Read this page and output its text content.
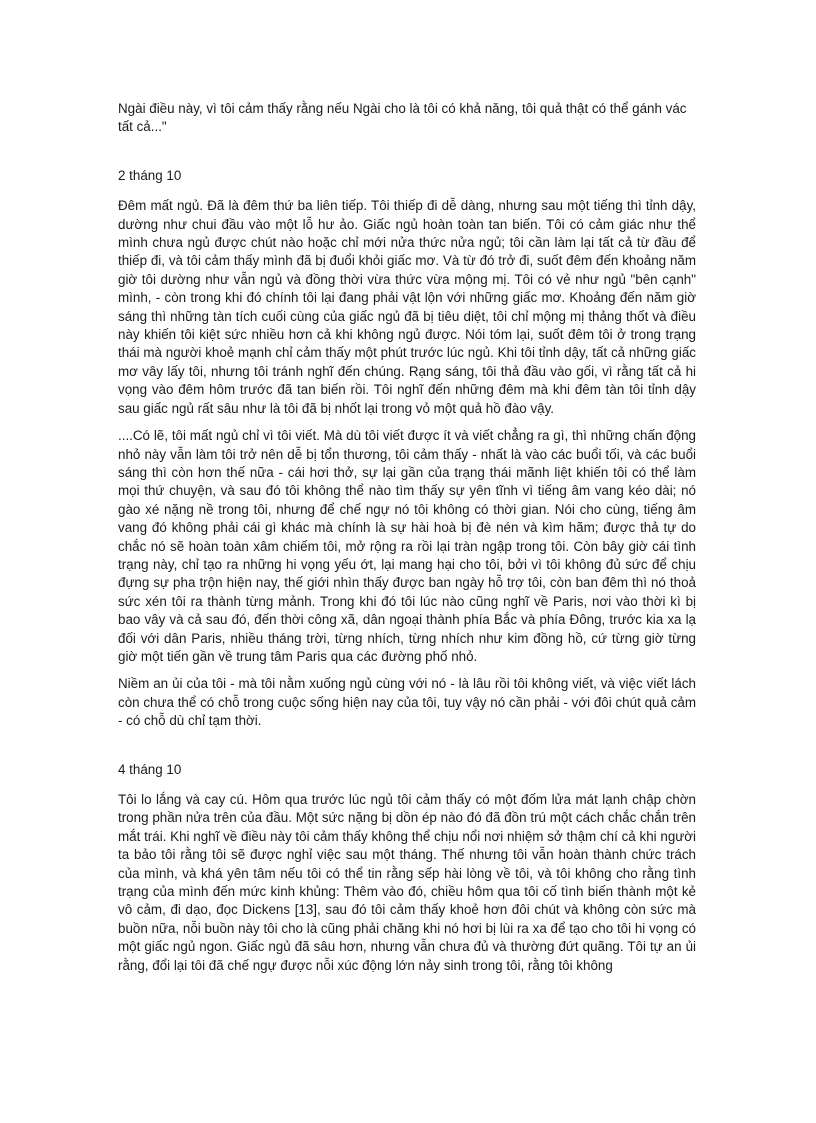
Ngài điều này, vì tôi cảm thấy rằng nếu Ngài cho là tôi có khả năng, tôi quả thật có thể gánh vác tất cả..."

2 tháng 10

Đêm mất ngủ. Đã là đêm thứ ba liên tiếp. Tôi thiếp đi dễ dàng, nhưng sau một tiếng thì tỉnh dậy, dường như chui đầu vào một lỗ hư ảo. Giấc ngủ hoàn toàn tan biến. Tôi có cảm giác như thể mình chưa ngủ được chút nào hoặc chỉ mới nửa thức nửa ngủ; tôi cần làm lại tất cả từ đầu để thiếp đi, và tôi cảm thấy mình đã bị đuổi khỏi giấc mơ. Và từ đó trở đi, suốt đêm đến khoảng năm giờ tôi dường như vẫn ngủ và đồng thời vừa thức vừa mộng mị. Tôi có vẻ như ngủ "bên cạnh" mình, - còn trong khi đó chính tôi lại đang phải vật lộn với những giấc mơ. Khoảng đến năm giờ sáng thì những tàn tích cuối cùng của giấc ngủ đã bị tiêu diệt, tôi chỉ mộng mị thảng thốt và điều này khiến tôi kiệt sức nhiều hơn cả khi không ngủ được. Nói tóm lại, suốt đêm tôi ở trong trạng thái mà người khoẻ mạnh chỉ cảm thấy một phút trước lúc ngủ. Khi tôi tỉnh dậy, tất cả những giấc mơ vây lấy tôi, nhưng tôi tránh nghĩ đến chúng. Rạng sáng, tôi thả đầu vào gối, vì rằng tất cả hi vọng vào đêm hôm trước đã tan biến rồi. Tôi nghĩ đến những đêm mà khi đêm tàn tôi tỉnh dậy sau giấc ngủ rất sâu như là tôi đã bị nhốt lại trong vỏ một quả hồ đào vậy.

....Có lẽ, tôi mất ngủ chỉ vì tôi viết. Mà dù tôi viết được ít và viết chẳng ra gì, thì những chấn động nhỏ này vẫn làm tôi trở nên dễ bị tổn thương, tôi cảm thấy - nhất là vào các buổi tối, và các buổi sáng thì còn hơn thế nữa - cái hơi thở, sự lại gần của trạng thái mãnh liệt khiến tôi có thể làm mọi thứ chuyện, và sau đó tôi không thể nào tìm thấy sự yên tĩnh vì tiếng âm vang kéo dài; nó gào xé nặng nề trong tôi, nhưng để chế ngự nó tôi không có thời gian. Nói cho cùng, tiếng âm vang đó không phải cái gì khác mà chính là sự hài hoà bị đè nén và kìm hãm; được thả tự do chắc nó sẽ hoàn toàn xâm chiếm tôi, mở rộng ra rồi lại tràn ngập trong tôi. Còn bây giờ cái tình trạng này, chỉ tạo ra những hi vọng yếu ớt, lại mang hại cho tôi, bởi vì tôi không đủ sức để chịu đựng sự pha trộn hiện nay, thế giới nhìn thấy được ban ngày hỗ trợ tôi, còn ban đêm thì nó thoả sức xén tôi ra thành từng mảnh. Trong khi đó tôi lúc nào cũng nghĩ về Paris, nơi vào thời kì bị bao vây và cả sau đó, đến thời công xã, dân ngoại thành phía Bắc và phía Đông, trước kia xa lạ đối với dân Paris, nhiều tháng trời, từng nhích, từng nhích như kim đồng hồ, cứ từng giờ từng giờ một tiến gần về trung tâm Paris qua các đường phố nhỏ.

Niềm an ủi của tôi - mà tôi nằm xuống ngủ cùng với nó - là lâu rồi tôi không viết, và việc viết lách còn chưa thể có chỗ trong cuộc sống hiện nay của tôi, tuy vậy nó cần phải - với đôi chút quả cảm - có chỗ dù chỉ tạm thời.

4 tháng 10

Tôi lo lắng và cay cú. Hôm qua trước lúc ngủ tôi cảm thấy có một đốm lửa mát lạnh chập chờn trong phần nửa trên của đầu. Một sức nặng bị dồn ép nào đó đã đồn trú một cách chắc chắn trên mắt trái. Khi nghĩ về điều này tôi cảm thấy không thể chịu nổi nơi nhiệm sở thậm chí cả khi người ta bảo tôi rằng tôi sẽ được nghỉ việc sau một tháng. Thế nhưng tôi vẫn hoàn thành chức trách của mình, và khá yên tâm nếu tôi có thể tin rằng sếp hài lòng về tôi, và tôi không cho rằng tình trạng của mình đến mức kinh khủng: Thêm vào đó, chiều hôm qua tôi cố tình biến thành một kẻ vô cảm, đi dạo, đọc Dickens [13], sau đó tôi cảm thấy khoẻ hơn đôi chút và không còn sức mà buồn nữa, nỗi buồn này tôi cho là cũng phải chăng khi nó hơi bị lùi ra xa để tạo cho tôi hi vọng có một giấc ngủ ngon. Giấc ngủ đã sâu hơn, nhưng vẫn chưa đủ và thường đứt quãng. Tôi tự an ủi rằng, đổi lại tôi đã chế ngự được nỗi xúc động lớn nảy sinh trong tôi, rằng tôi không
